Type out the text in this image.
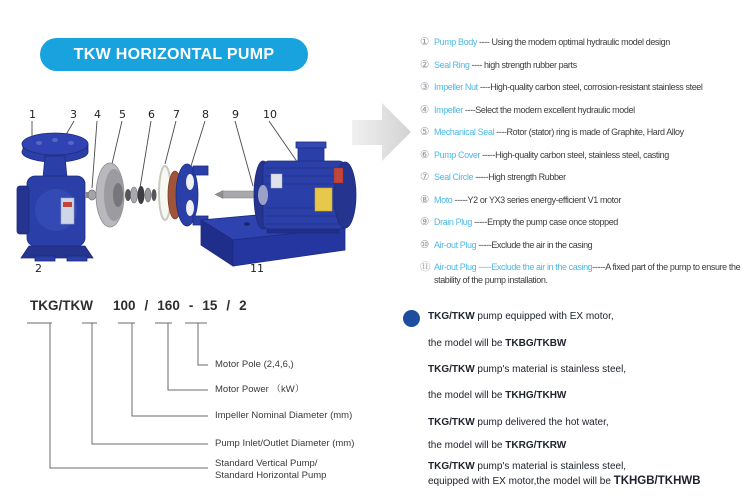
TKW HORIZONTAL PUMP
1
2
3 4 5 6 7 8 9 10
11
① Pump Body ---- Using the modern optimal hydraulic model design
② Seal Ring ---- high strength rubber parts
③ Impeller Nut ----High-quality carbon steel, corrosion-resistant stainless steel
④ Impeller ----Select the modern excellent hydraulic model
⑤ Mechanical Seal ----Rotor (stator) ring is made of Graphite, Hard Alloy
⑥ Pump Cover -----High-quality carbon steel, stainless steel, casting
⑦ Seal Circle -----High strength Rubber
⑧ Moto -----Y2 or YX3 series energy-efficient V1 motor
⑨ Drain Plug -----Empty the pump case once stopped
⑩ Air-out Plug -----Exclude the air in the casing
⑪ Air-out Plug -----Exclude the air in the casing-----A fixed part of the pump to ensure the stability of the pump installation.
TKG/TKW 100 / 160 - 15 / 2
Motor Pole (2,4,6,)
Motor Power （kW）
Impeller Nominal Diameter (mm)
Pump Inlet/Outlet Diameter (mm)
Standard Vertical Pump/
Standard Horizontal Pump
TKG/TKW pump equipped with EX motor,
the model will be TKBG/TKBW
TKG/TKW pump's material is stainless steel,
the model will be TKHG/TKHW
TKG/TKW pump delivered the hot water,
the model will be TKRG/TKRW
TKG/TKW pump's material is stainless steel,
equipped with EX motor,the model will be TKHGB/TKHWB
